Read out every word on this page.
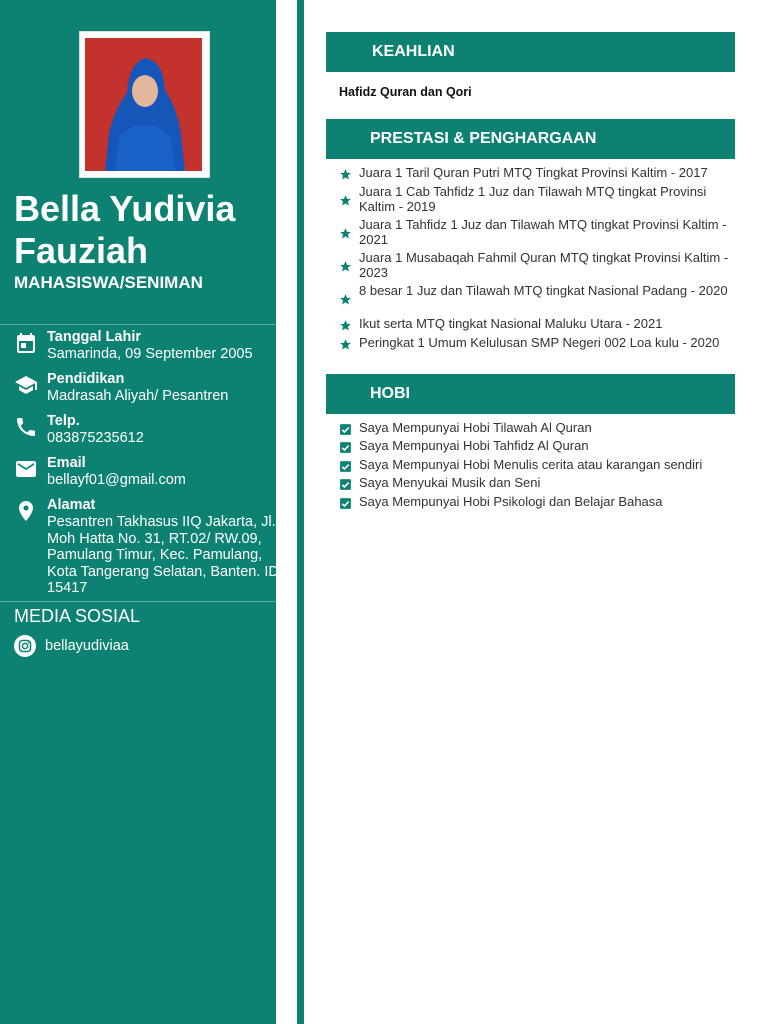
Bella Yudivia Fauziah
MAHASISWA/SENIMAN
Tanggal Lahir
Samarinda, 09 September 2005
Pendidikan
Madrasah Aliyah/ Pesantren
Telp.
083875235612
Email
bellayf01@gmail.com
Alamat
Pesantren Takhasus IIQ Jakarta, Jl. Moh Hatta No. 31, RT.02/ RW.09, Pamulang Timur, Kec. Pamulang, Kota Tangerang Selatan, Banten. ID 15417
MEDIA SOSIAL
bellayudiviaa
KEAHLIAN
Hafidz Quran dan Qori
PRESTASI & PENGHARGAAN
Juara 1 Taril Quran Putri MTQ Tingkat Provinsi Kaltim - 2017
Juara 1 Cab Tahfidz 1 Juz dan Tilawah MTQ tingkat Provinsi Kaltim - 2019
Juara 1 Tahfidz 1 Juz dan Tilawah MTQ tingkat Provinsi Kaltim - 2021
Juara 1 Musabaqah Fahmil Quran MTQ tingkat Provinsi Kaltim - 2023
8 besar 1 Juz dan Tilawah MTQ tingkat Nasional Padang - 2020
Ikut serta MTQ tingkat Nasional Maluku Utara - 2021
Peringkat 1 Umum Kelulusan SMP Negeri 002 Loa kulu - 2020
HOBI
Saya Mempunyai Hobi Tilawah Al Quran
Saya Mempunyai Hobi Tahfidz Al Quran
Saya Mempunyai Hobi Menulis cerita atau karangan sendiri
Saya Menyukai Musik dan Seni
Saya Mempunyai Hobi Psikologi dan Belajar Bahasa
